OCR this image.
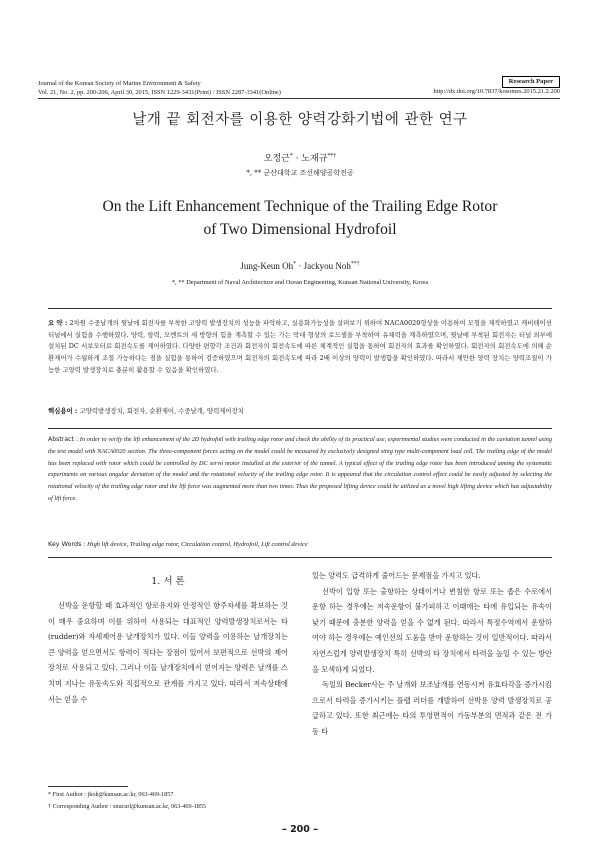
Journal of the Korean Society of Marine Environment & Safety
Vol. 21, No. 2, pp. 200-206, April 30, 2015, ISSN 1229-3431(Print) / ISSN 2287-3341(Online)
Research Paper
http://dx.doi.org/10.7837/kosomes.2015.21.2.200
날개 끝 회전자를 이용한 양력강화기법에 관한 연구
오정근* · 노재규**†
*, ** 군산대학교 조선해양공학전공
On the Lift Enhancement Technique of the Trailing Edge Rotor
of Two Dimensional Hydrofoil
Jung-Keun Oh* · Jackyou Noh**†
*, ** Department of Naval Architecture and Ocean Engineering, Kunsan National University, Korea
요 약 : 2차원 수중날개의 뒷날에 회전자를 부착한 고양력 발생장치의 성능을 파악하고, 실용화가능성을 살펴보기 위하여 NACA0020형상을 이용하여 모형을 제작하였고 캐비테이션 터널에서 실험을 수행하였다. 양력, 항력, 모멘트의 세 방향의 힘을 계측할 수 있는 가는 막대 형상의 로드셀을 부착하여 유체력을 계측하였으며, 뒷날에 부착된 회전자는 터널 외부에 설치된 DC 서보모터로 회전속도를 제어하였다. 다양한 편향각 조건과 회전자의 회전속도에 따른 체계적인 실험을 통하여 회전자의 효과를 확인하였다. 회전자의 회전속도에 의해 순환제어가 수월하게 조절 가능하다는 점을 실험을 통하여 검증하였으며 회전자의 회전속도에 따라 2배 이상의 양력이 발생함을 확인하였다. 따라서 제안한 양력 장치는 양력조절이 가능한 고양력 발생장치로 충분히 활용할 수 있음을 확인하였다.
핵심용어 : 고양력발생장치, 회전자, 순환제어, 수중날개, 양력제어장치
Abstract : In order to verify the lift enhancement of the 2D hydrofoil with trailing edge rotor and check the ability of its practical use, experimental studies were conducted in the caviation tunnel using the test model with NACA0020 section. The three-component forces acting on the model could be measured by exclusively designed sting type multi-component load cell. The trailing edge of the model has been replaced with rotor which could be controlled by DC servo motor installed at the exterior of the tunnel. A typical effect of the trailing edge rotor has been introduced among the systematic experiments on various angular deviation of the model and the rotational velocity of the trailing edge rotor. It is appeared that the circulation control effect could be easily adjusted by selecting the rotational velocity of the trailing edge rotor and the lift force was augmented more than two times. Thus the proposed lifting device could be utilized as a novel high lifting device which has adjustability of lift force.
Key Words : High lift device, Trailing edge rotor, Circulation control, Hydrofoil, Lift control device
1. 서 론

선박을 운항할 때 효과적인 항로유지와 안정적인 항주자세를 확보하는 것이 매우 중요하며 이를 위하여 사용되는 대표적인 양력발생장치로서는 타(rudder)와 자세제어용 날개장치가 있다. 이들 양력을 이용하는 날개장치는 큰 양력을 얻으면서도 항력이 적다는 장점이 있어서 보편적으로 선박의 제어장치로 사용되고 있다. 그러나 이들 날개장치에서 얻어지는 양력은 날개를 스치며 지나는 유동속도와 직접적으로 관계를 가지고 있다. 따라서 저속상태에서는 얻을 수

있는 양력도 급격하게 줄어드는 문제점을 가지고 있다.

선박이 입항 또는 출항하는 상태이거나 변침한 항로 또는 좁은 수로에서 운항 하는 경우에는 저속운항이 불가피하고 이때에는 타에 유입되는 유속이 낮기 때문에 충분한 양력을 얻을 수 없게 된다. 따라서 특정수역에서 운항하여야 하는 경우에는 예인선의 도움을 받아 운항하는 것이 일반적이다. 따라서 자연스럽게 양력발생장치 특히 선박의 타 장치에서 타력을 높일 수 있는 방안을 모색하게 되었다.

독일의 Becker사는 주 날개와 보조날개를 연동시켜 유효타각을 증가시킴으로서 타력을 증가시키는 플랩 러더를 개발하여 선박용 양력 발생장치로 공급하고 있다. 또한 최근에는 타의 투영면적이 가동부분의 면적과 같은 전 가동 타

* First Author : jkoh@kunsan.ac.kr, 063-469-1857
† Corresponding Author : snucurl@kunsan.ac.kr, 063-469-1855
– 200 –
